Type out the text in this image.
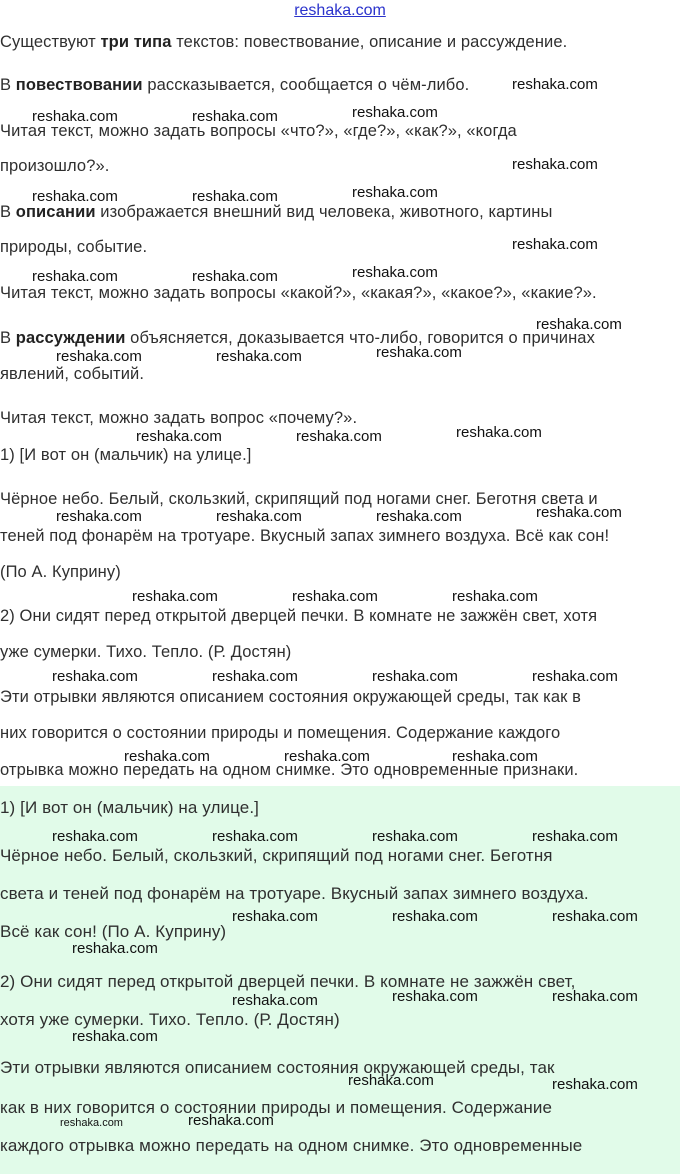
reshaka.com
Существуют три типа текстов: повествование, описание и рассуждение.
В повествовании рассказывается, сообщается о чём-либо.
Читая текст, можно задать вопросы «что?», «где?», «как?», «когда
произошло?».
В описании изображается внешний вид человека, животного, картины
природы, событие.
Читая текст, можно задать вопросы «какой?», «какая?», «какое?», «какие?».
В рассуждении объясняется, доказывается что-либо, говорится о причинах
явлений, событий.
Читая текст, можно задать вопрос «почему?».
1) [И вот он (мальчик) на улице.]
Чёрное небо. Белый, скользкий, скрипящий под ногами снег. Беготня света и
теней под фонарём на тротуаре. Вкусный запах зимнего воздуха. Всё как сон!
(По А. Куприну)
2) Они сидят перед открытой дверцей печки. В комнате не зажжён свет, хотя
уже сумерки. Тихо. Тепло. (Р. Достян)
Эти отрывки являются описанием состояния окружающей среды, так как в
них говорится о состоянии природы и помещения. Содержание каждого
отрывка можно передать на одном снимке. Это одновременные признаки.
1) [И вот он (мальчик) на улице.]
Чёрное небо. Белый, скользкий, скрипящий под ногами снег. Беготня
света и теней под фонарём на тротуаре. Вкусный запах зимнего воздуха.
Всё как сон! (По А. Куприну)
2) Они сидят перед открытой дверцей печки. В комнате не зажжён свет,
хотя уже сумерки. Тихо. Тепло. (Р. Достян)
Эти отрывки являются описанием состояния окружающей среды, так
как в них говорится о состоянии природы и помещения. Содержание
каждого отрывка можно передать на одном снимке. Это одновременные
reshaka.com
reshaka.com
reshaka.com	reshaka.com
reshaka.com
reshaka.com
reshaka.com	reshaka.com
reshaka.com
reshaka.com
reshaka.com	reshaka.com
reshaka.com
reshaka.com
reshaka.com	reshaka.com
reshaka.com
reshaka.com	reshaka.com
reshaka.com
reshaka.com	reshaka.com	reshaka.com
reshaka.com	reshaka.com	reshaka.com
reshaka.com	reshaka.com	reshaka.com	reshaka.com
reshaka.com	reshaka.com	reshaka.com
reshaka.com	reshaka.com	reshaka.com	reshaka.com
reshaka.com	reshaka.com	reshaka.com
reshaka.com
reshaka.com	reshaka.com
reshaka.com
reshaka.com
reshaka.com	reshaka.com
reshaka.com	reshaka.com
